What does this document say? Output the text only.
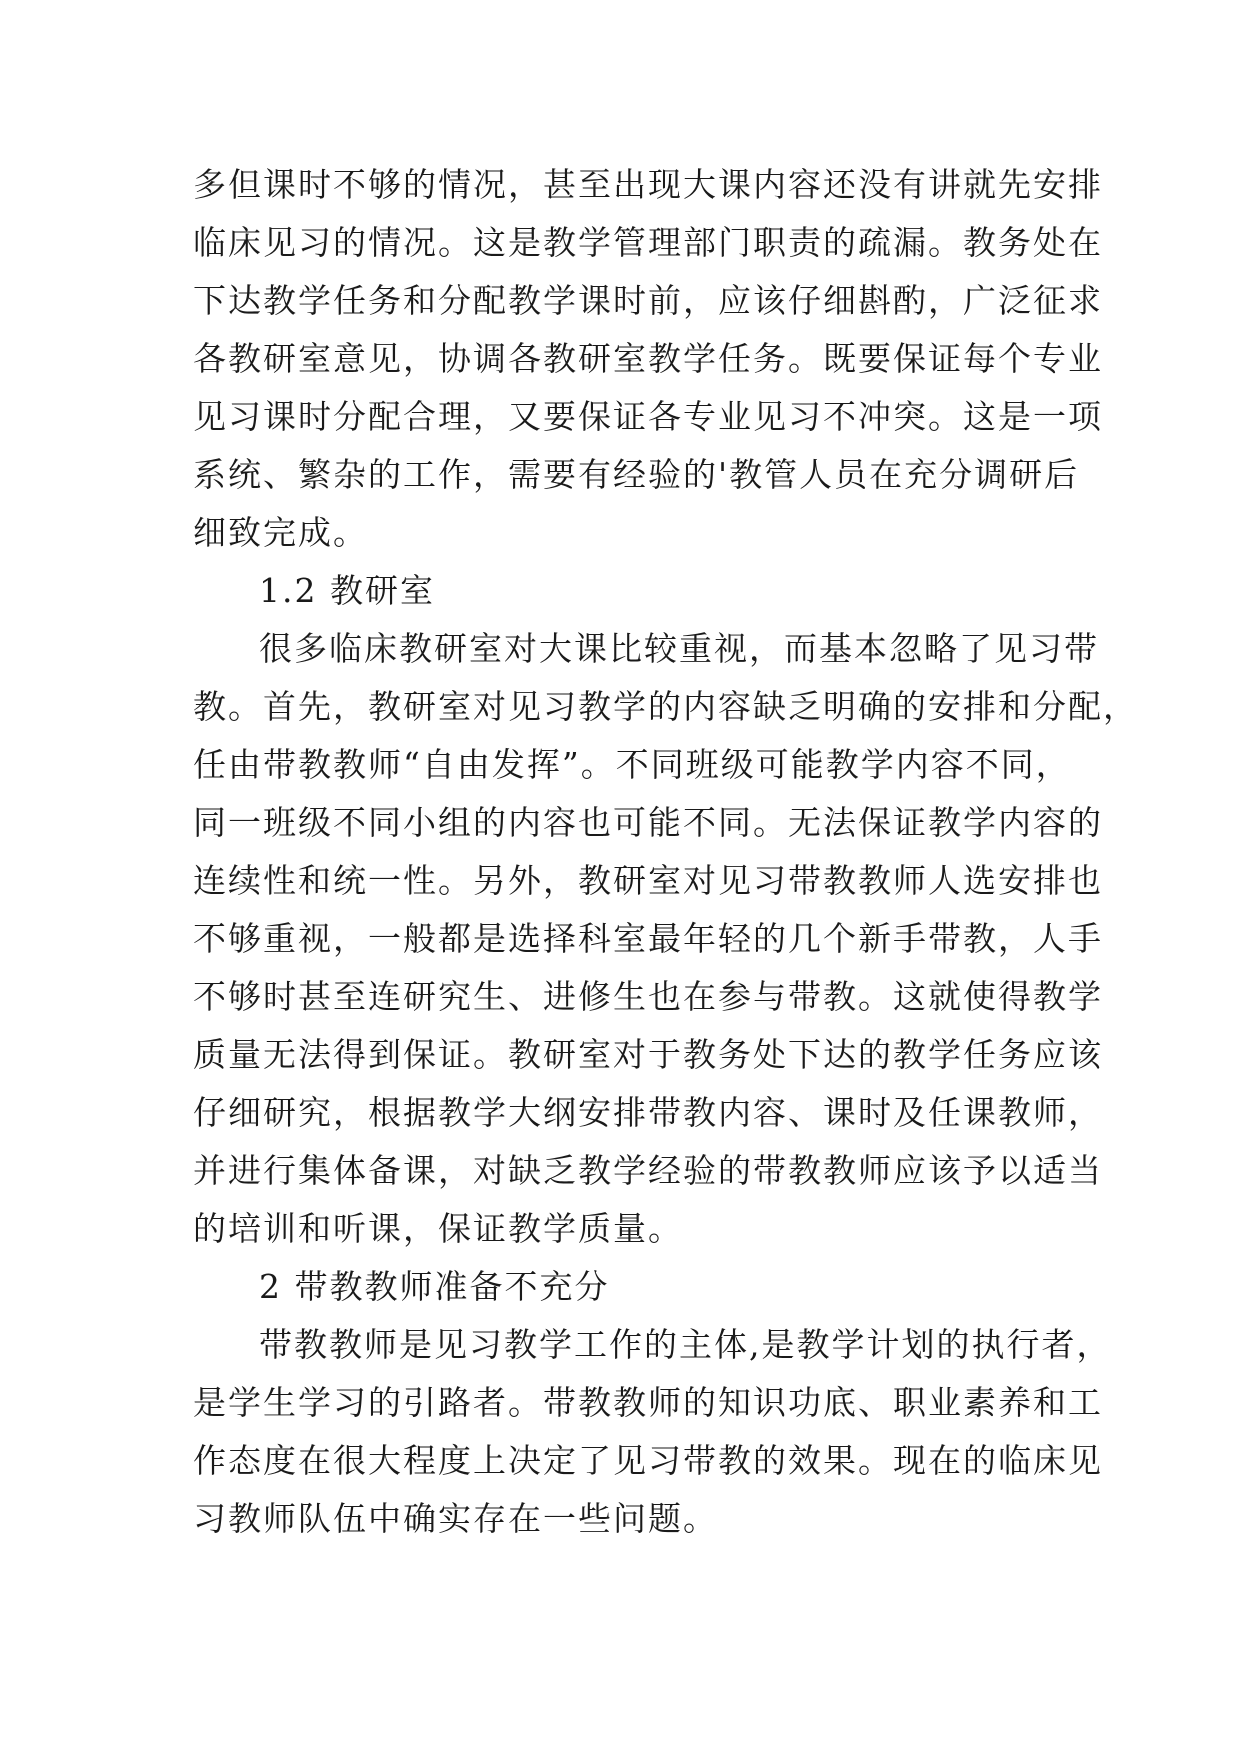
多但课时不够的情况，甚至出现大课内容还没有讲就先安排
临床见习的情况。这是教学管理部门职责的疏漏。教务处在
下达教学任务和分配教学课时前，应该仔细斟酌，广泛征求
各教研室意见，协调各教研室教学任务。既要保证每个专业
见习课时分配合理，又要保证各专业见习不冲突。这是一项
系统、繁杂的工作，需要有经验的'教管人员在充分调研后
细致完成。
1.2 教研室
很多临床教研室对大课比较重视，而基本忽略了见习带
教。首先，教研室对见习教学的内容缺乏明确的安排和分配，
任由带教教师“自由发挥”。不同班级可能教学内容不同，
同一班级不同小组的内容也可能不同。无法保证教学内容的
连续性和统一性。另外，教研室对见习带教教师人选安排也
不够重视，一般都是选择科室最年轻的几个新手带教，人手
不够时甚至连研究生、进修生也在参与带教。这就使得教学
质量无法得到保证。教研室对于教务处下达的教学任务应该
仔细研究，根据教学大纲安排带教内容、课时及任课教师，
并进行集体备课，对缺乏教学经验的带教教师应该予以适当
的培训和听课，保证教学质量。
2 带教教师准备不充分
带教教师是见习教学工作的主体,是教学计划的执行者，
是学生学习的引路者。带教教师的知识功底、职业素养和工
作态度在很大程度上决定了见习带教的效果。现在的临床见
习教师队伍中确实存在一些问题。
